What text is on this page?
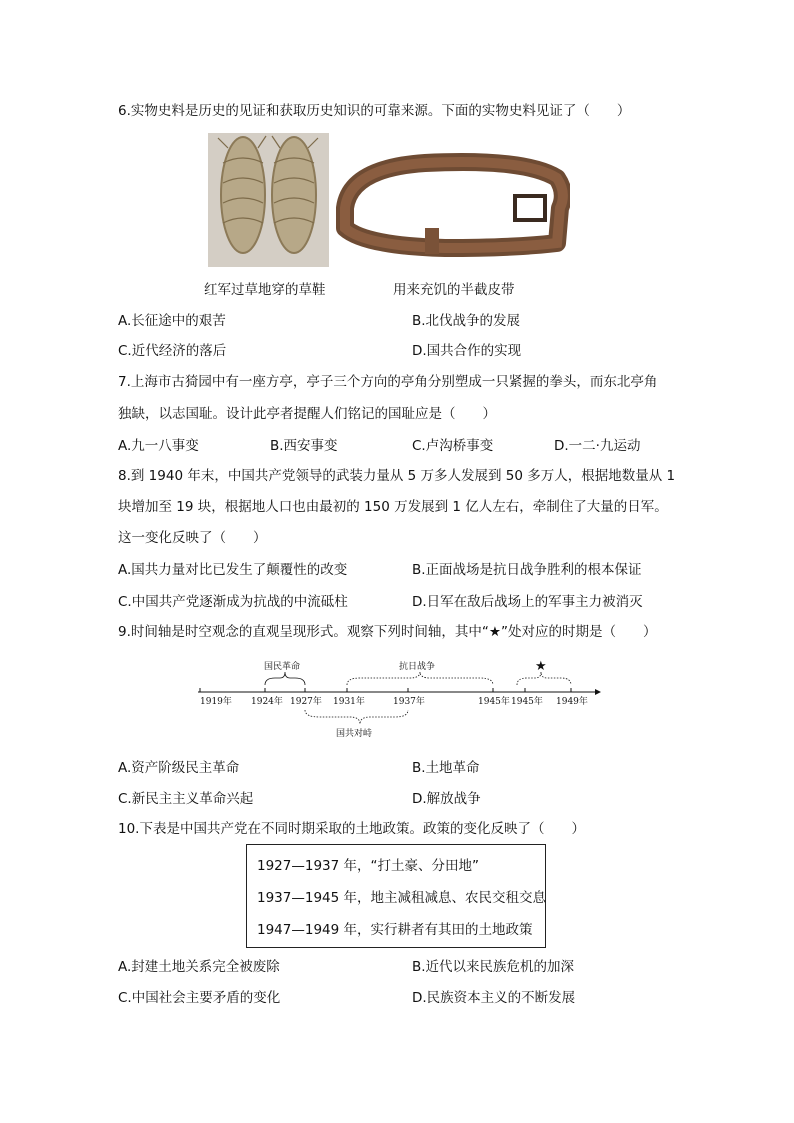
6.实物史料是历史的见证和获取历史知识的可靠来源。下面的实物史料见证了（　　）
红军过草地穿的草鞋	用来充饥的半截皮带
A.长征途中的艰苦	B.北伐战争的发展
C.近代经济的落后	D.国共合作的实现
7.上海市古猗园中有一座方亭，亭子三个方向的亭角分别塑成一只紧握的拳头，而东北亭角
独缺，以志国耻。设计此亭者提醒人们铭记的国耻应是（　　）
A.九一八事变	B.西安事变	C.卢沟桥事变	D.一二·九运动
8.到 1940 年末，中国共产党领导的武装力量从 5 万多人发展到 50 多万人，根据地数量从 1
块增加至 19 块，根据地人口也由最初的 150 万发展到 1 亿人左右，牵制住了大量的日军。
这一变化反映了（　　）
A.国共力量对比已发生了颠覆性的改变	B.正面战场是抗日战争胜利的根本保证
C.中国共产党逐渐成为抗战的中流砥柱	D.日军在敌后战场上的军事主力被消灭
9.时间轴是时空观念的直观呈现形式。观察下列时间轴，其中“★”处对应的时期是（　　）
1919年 1924年 1927年 1931年	1937年	1945年 1945年 1949年
国民革命	抗日战争	★
国共对峙
A.资产阶级民主革命	B.土地革命
C.新民主主义革命兴起	D.解放战争
10.下表是中国共产党在不同时期采取的土地政策。政策的变化反映了（　　）
1927—1937 年，“打土豪、分田地”
1937—1945 年，地主减租减息、农民交租交息
1947—1949 年，实行耕者有其田的土地政策
A.封建土地关系完全被废除	B.近代以来民族危机的加深
C.中国社会主要矛盾的变化	D.民族资本主义的不断发展
